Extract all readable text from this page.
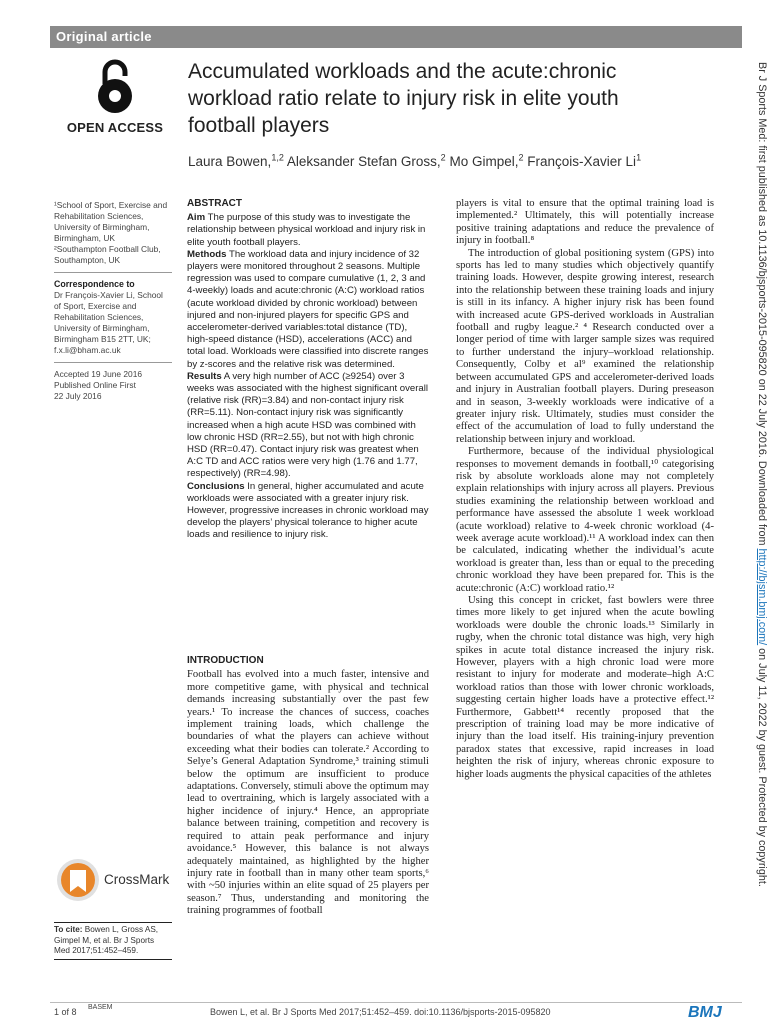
Original article
OPEN ACCESS
Accumulated workloads and the acute:chronic workload ratio relate to injury risk in elite youth football players
Laura Bowen,$^{1,2}$ Aleksander Stefan Gross,$^2$ Mo Gimpel,$^2$ François-Xavier Li$^1$

¹School of Sport, Exercise and Rehabilitation Sciences, University of Birmingham, Birmingham, UK

²Southampton Football Club, Southampton, UK

Correspondence to

Dr François-Xavier Li, School of Sport, Exercise and Rehabilitation Sciences, University of Birmingham, Birmingham B15 2TT, UK; f.x.li@bham.ac.uk

Accepted 19 June 2016

Published Online First

22 July 2016

ABSTRACT

Aim The purpose of this study was to investigate the relationship between physical workload and injury risk in elite youth football players.

Methods The workload data and injury incidence of 32 players were monitored throughout 2 seasons. Multiple regression was used to compare cumulative (1, 2, 3 and 4-weekly) loads and acute:chronic (A:C) workload ratios (acute workload divided by chronic workload) between injured and non-injured players for specific GPS and accelerometer-derived variables:total distance (TD), high-speed distance (HSD), accelerations (ACC) and total load. Workloads were classified into discrete ranges by z-scores and the relative risk was determined.

Results A very high number of ACC (≥9254) over 3 weeks was associated with the highest significant overall (relative risk (RR)=3.84) and non-contact injury risk (RR=5.11). Non-contact injury risk was significantly increased when a high acute HSD was combined with low chronic HSD (RR=2.55), but not with high chronic HSD (RR=0.47). Contact injury risk was greatest when A:C TD and ACC ratios were very high (1.76 and 1.77, respectively) (RR=4.98).

Conclusions In general, higher accumulated and acute workloads were associated with a greater injury risk. However, progressive increases in chronic workload may develop the players’ physical tolerance to higher acute loads and resilience to injury risk.

INTRODUCTION

Football has evolved into a much faster, intensive and more competitive game, with physical and technical demands increasing substantially over the past few years.¹ To increase the chances of success, coaches implement training loads, which challenge the boundaries of what the players can achieve without exceeding what their bodies can tolerate.² According to Selye’s General Adaptation Syndrome,³ training stimuli below the optimum are insufficient to produce adaptations. Conversely, stimuli above the optimum may lead to overtraining, which is largely associated with a higher incidence of injury.⁴ Hence, an appropriate balance between training, competition and recovery is required to attain peak performance and injury avoidance.⁵ However, this balance is not always adequately maintained, as highlighted by the higher injury rate in football than in many other team sports,⁶ with ~50 injuries within an elite squad of 25 players per season.⁷ Thus, understanding and monitoring the training programmes of football

players is vital to ensure that the optimal training load is implemented.² Ultimately, this will potentially increase positive training adaptations and reduce the prevalence of injury in football.⁸

The introduction of global positioning system (GPS) into sports has led to many studies which objectively quantify training loads. However, despite growing interest, research into the relationship between these training loads and injury is still in its infancy. A higher injury risk has been found with increased acute GPS-derived workloads in Australian football and rugby league.² ⁴ Research conducted over a longer period of time with larger sample sizes was required to further understand the injury–workload relationship. Consequently, Colby et al⁹ examined the relationship between accumulated GPS and accelerometer-derived loads and injury in Australian football players. During preseason and in season, 3-weekly workloads were indicative of a greater injury risk. Ultimately, studies must consider the effect of the accumulation of load to fully understand the relationship between injury and workload.

Furthermore, because of the individual physiological responses to movement demands in football,¹⁰ categorising risk by absolute workloads alone may not completely explain relationships with injury across all players. Previous studies examining the relationship between workload and performance have assessed the absolute 1 week workload (acute workload) relative to 4-week chronic workload (4-week average acute workload).¹¹ A workload index can then be calculated, indicating whether the individual’s acute workload is greater than, less than or equal to the preceding chronic workload they have been prepared for. This is the acute:chronic (A:C) workload ratio.¹²

Using this concept in cricket, fast bowlers were three times more likely to get injured when the acute bowling workloads were double the chronic loads.¹³ Similarly in rugby, when the chronic total distance was high, very high spikes in acute total distance increased the injury risk. However, players with a high chronic load were more resistant to injury for moderate and moderate–high A:C workload ratios than those with lower chronic workloads, suggesting certain higher loads have a protective effect.¹² Furthermore, Gabbett¹⁴ recently proposed that the prescription of training load may be more indicative of injury than the load itself. His training-injury prevention paradox states that excessive, rapid increases in load heighten the risk of injury, whereas chronic exposure to higher loads augments the physical capacities of the athletes

CrossMark
To cite: Bowen L, Gross AS, Gimpel M, et al. Br J Sports Med 2017;51:452–459.
1 of 8 BASEM	Bowen L, et al. Br J Sports Med 2017;51:452–459. doi:10.1136/bjsports-2015-095820	BMJ
Br J Sports Med: first published as 10.1136/bjsports-2015-095820 on 22 July 2016. Downloaded from http://bjsm.bmj.com/ on July 11, 2022 by guest. Protected by copyright.
